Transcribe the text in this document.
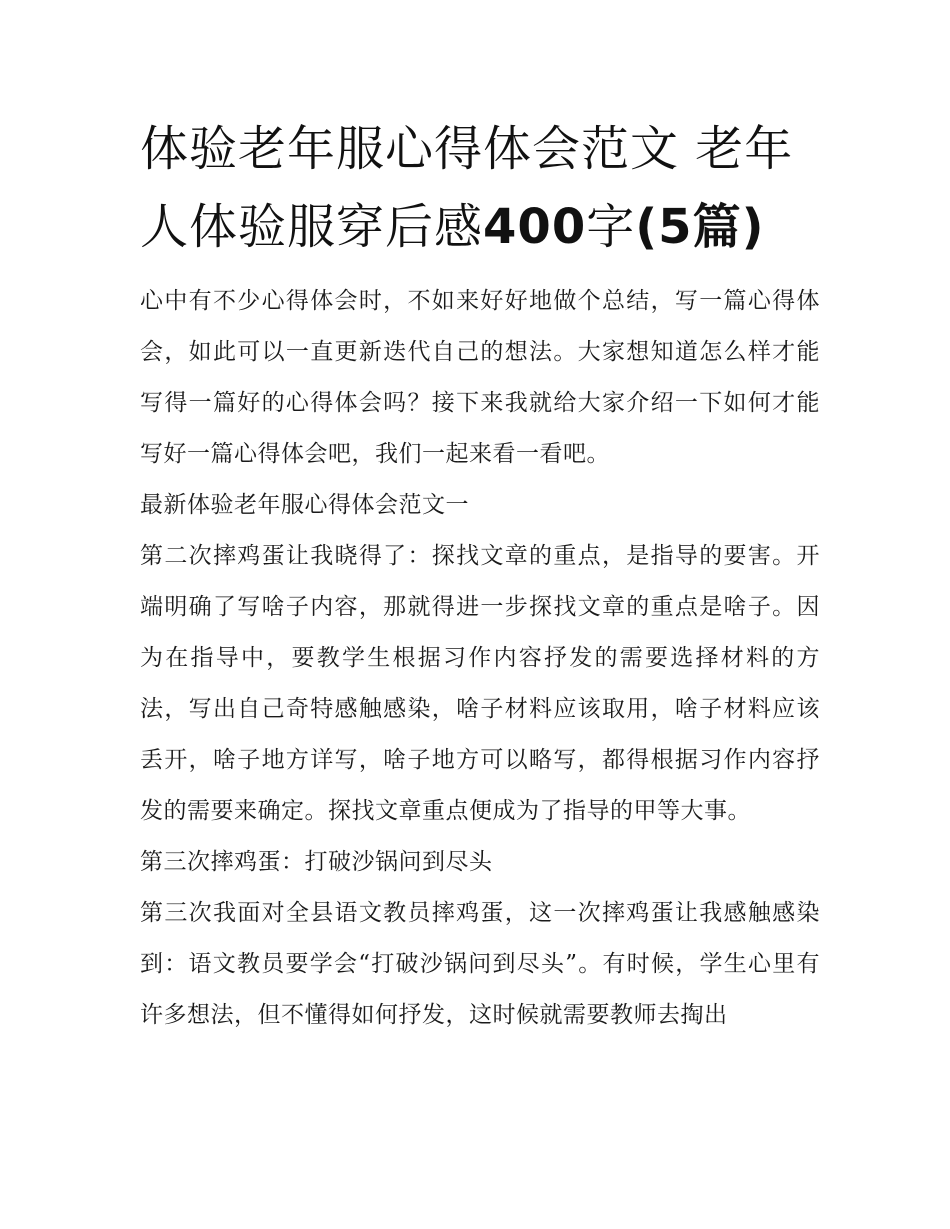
体验老年服心得体会范文 老年人体验服穿后感400字(5篇)

心中有不少心得体会时，不如来好好地做个总结，写一篇心得体会，如此可以一直更新迭代自己的想法。大家想知道怎么样才能写得一篇好的心得体会吗？接下来我就给大家介绍一下如何才能写好一篇心得体会吧，我们一起来看一看吧。

最新体验老年服心得体会范文一

第二次摔鸡蛋让我晓得了：探找文章的重点，是指导的要害。开端明确了写啥子内容，那就得进一步探找文章的重点是啥子。因为在指导中，要教学生根据习作内容抒发的需要选择材料的方法，写出自己奇特感触感染，啥子材料应该取用，啥子材料应该丢开，啥子地方详写，啥子地方可以略写，都得根据习作内容抒发的需要来确定。探找文章重点便成为了指导的甲等大事。

第三次摔鸡蛋：打破沙锅问到尽头

第三次我面对全县语文教员摔鸡蛋，这一次摔鸡蛋让我感触感染到：语文教员要学会“打破沙锅问到尽头”。有时候，学生心里有许多想法，但不懂得如何抒发，这时候就需要教师去掏出
